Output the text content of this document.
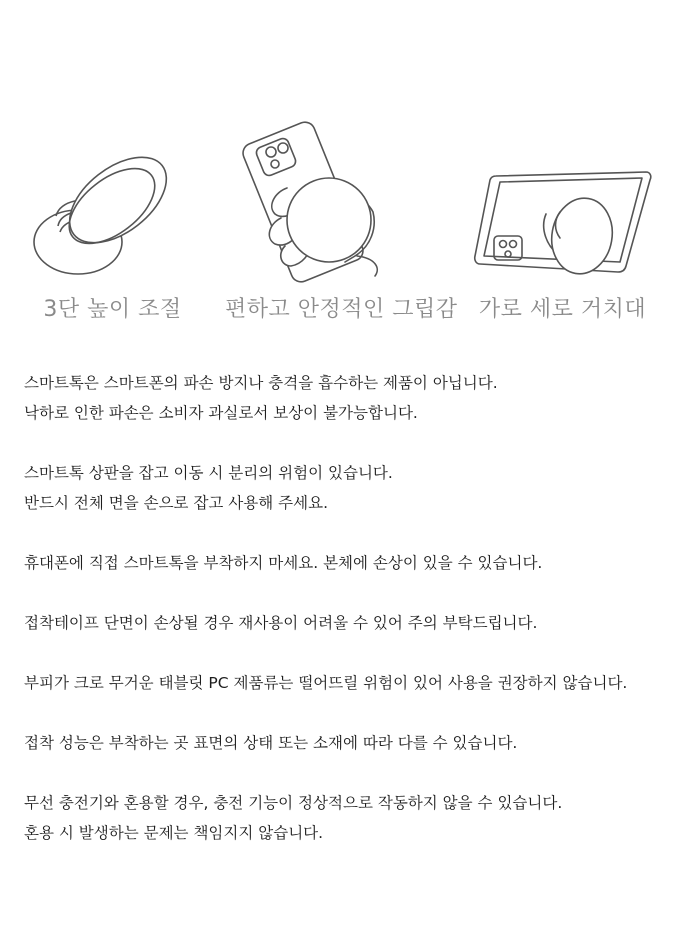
3단 높이 조절	편하고 안정적인 그립감 가로 세로 거치대
스마트톡은 스마트폰의 파손 방지나 충격을 흡수하는 제품이 아닙니다.
낙하로 인한 파손은 소비자 과실로서 보상이 불가능합니다.
스마트톡 상판을 잡고 이동 시 분리의 위험이 있습니다.
반드시 전체 면을 손으로 잡고 사용해 주세요.
휴대폰에 직접 스마트톡을 부착하지 마세요. 본체에 손상이 있을 수 있습니다.
접착테이프 단면이 손상될 경우 재사용이 어려울 수 있어 주의 부탁드립니다.
부피가 크로 무거운 태블릿 PC 제품류는 떨어뜨릴 위험이 있어 사용을 권장하지 않습니다.
접착 성능은 부착하는 곳 표면의 상태 또는 소재에 따라 다를 수 있습니다.
무선 충전기와 혼용할 경우, 충전 기능이 정상적으로 작동하지 않을 수 있습니다.
혼용 시 발생하는 문제는 책임지지 않습니다.
